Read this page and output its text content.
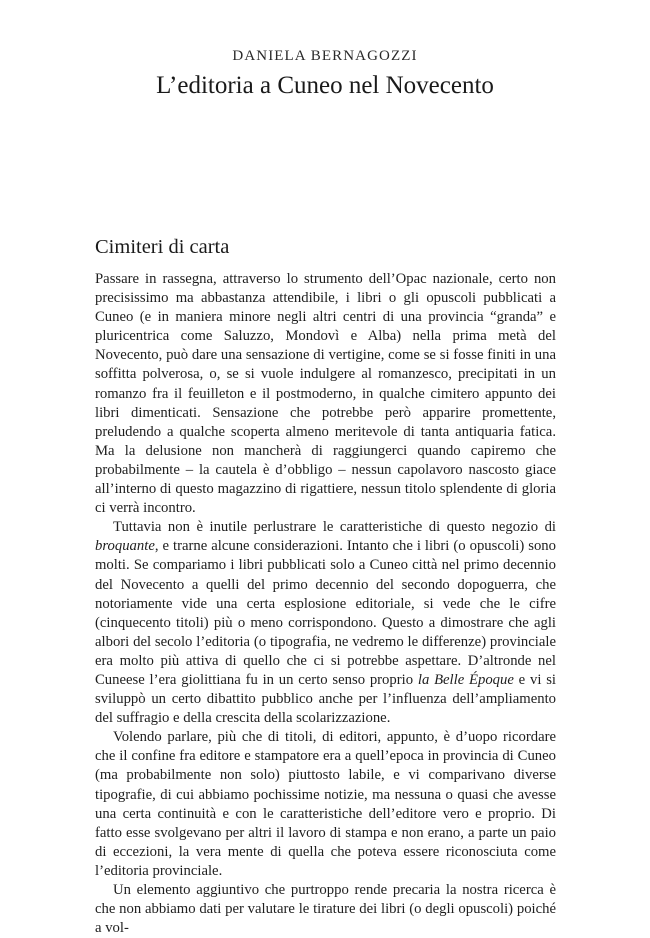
DANIELA BERNAGOZZI
L’editoria a Cuneo nel Novecento
Cimiteri di carta

Passare in rassegna, attraverso lo strumento dell’Opac nazionale, certo non precisissimo ma abbastanza attendibile, i libri o gli opuscoli pubblicati a Cuneo (e in maniera minore negli altri centri di una provincia “granda” e pluricentrica come Saluzzo, Mondovì e Alba) nella prima metà del Novecento, può dare una sensazione di vertigine, come se si fosse finiti in una soffitta polverosa, o, se si vuole indulgere al romanzesco, precipitati in un romanzo fra il feuilleton e il postmoderno, in qualche cimitero appunto dei libri dimenticati. Sensazione che potrebbe però apparire promettente, preludendo a qualche scoperta almeno meritevole di tanta antiquaria fatica. Ma la delusione non mancherà di raggiungerci quando capiremo che probabilmente – la cautela è d’obbligo – nessun capolavoro nascosto giace all’interno di questo magazzino di rigattiere, nessun titolo splendente di gloria ci verrà incontro.

Tuttavia non è inutile perlustrare le caratteristiche di questo negozio di broquante, e trarne alcune considerazioni. Intanto che i libri (o opuscoli) sono molti. Se compariamo i libri pubblicati solo a Cuneo città nel primo decennio del Novecento a quelli del primo decennio del secondo dopoguerra, che notoriamente vide una certa esplosione editoriale, si vede che le cifre (cinquecento titoli) più o meno corrispondono. Questo a dimostrare che agli albori del secolo l’editoria (o tipografia, ne vedremo le differenze) provinciale era molto più attiva di quello che ci si potrebbe aspettare. D’altronde nel Cuneese l’era giolittiana fu in un certo senso proprio la Belle Époque e vi si sviluppò un certo dibattito pubblico anche per l’influenza dell’ampliamento del suffragio e della crescita della scolarizzazione.

Volendo parlare, più che di titoli, di editori, appunto, è d’uopo ricordare che il confine fra editore e stampatore era a quell’epoca in provincia di Cuneo (ma probabilmente non solo) piuttosto labile, e vi comparivano diverse tipografie, di cui abbiamo pochissime notizie, ma nessuna o quasi che avesse una certa continuità e con le caratteristiche dell’editore vero e proprio. Di fatto esse svolgevano per altri il lavoro di stampa e non erano, a parte un paio di eccezioni, la vera mente di quella che poteva essere riconosciuta come l’editoria provinciale.

Un elemento aggiuntivo che purtroppo rende precaria la nostra ricerca è che non abbiamo dati per valutare le tirature dei libri (o degli opuscoli) poiché a vol-
